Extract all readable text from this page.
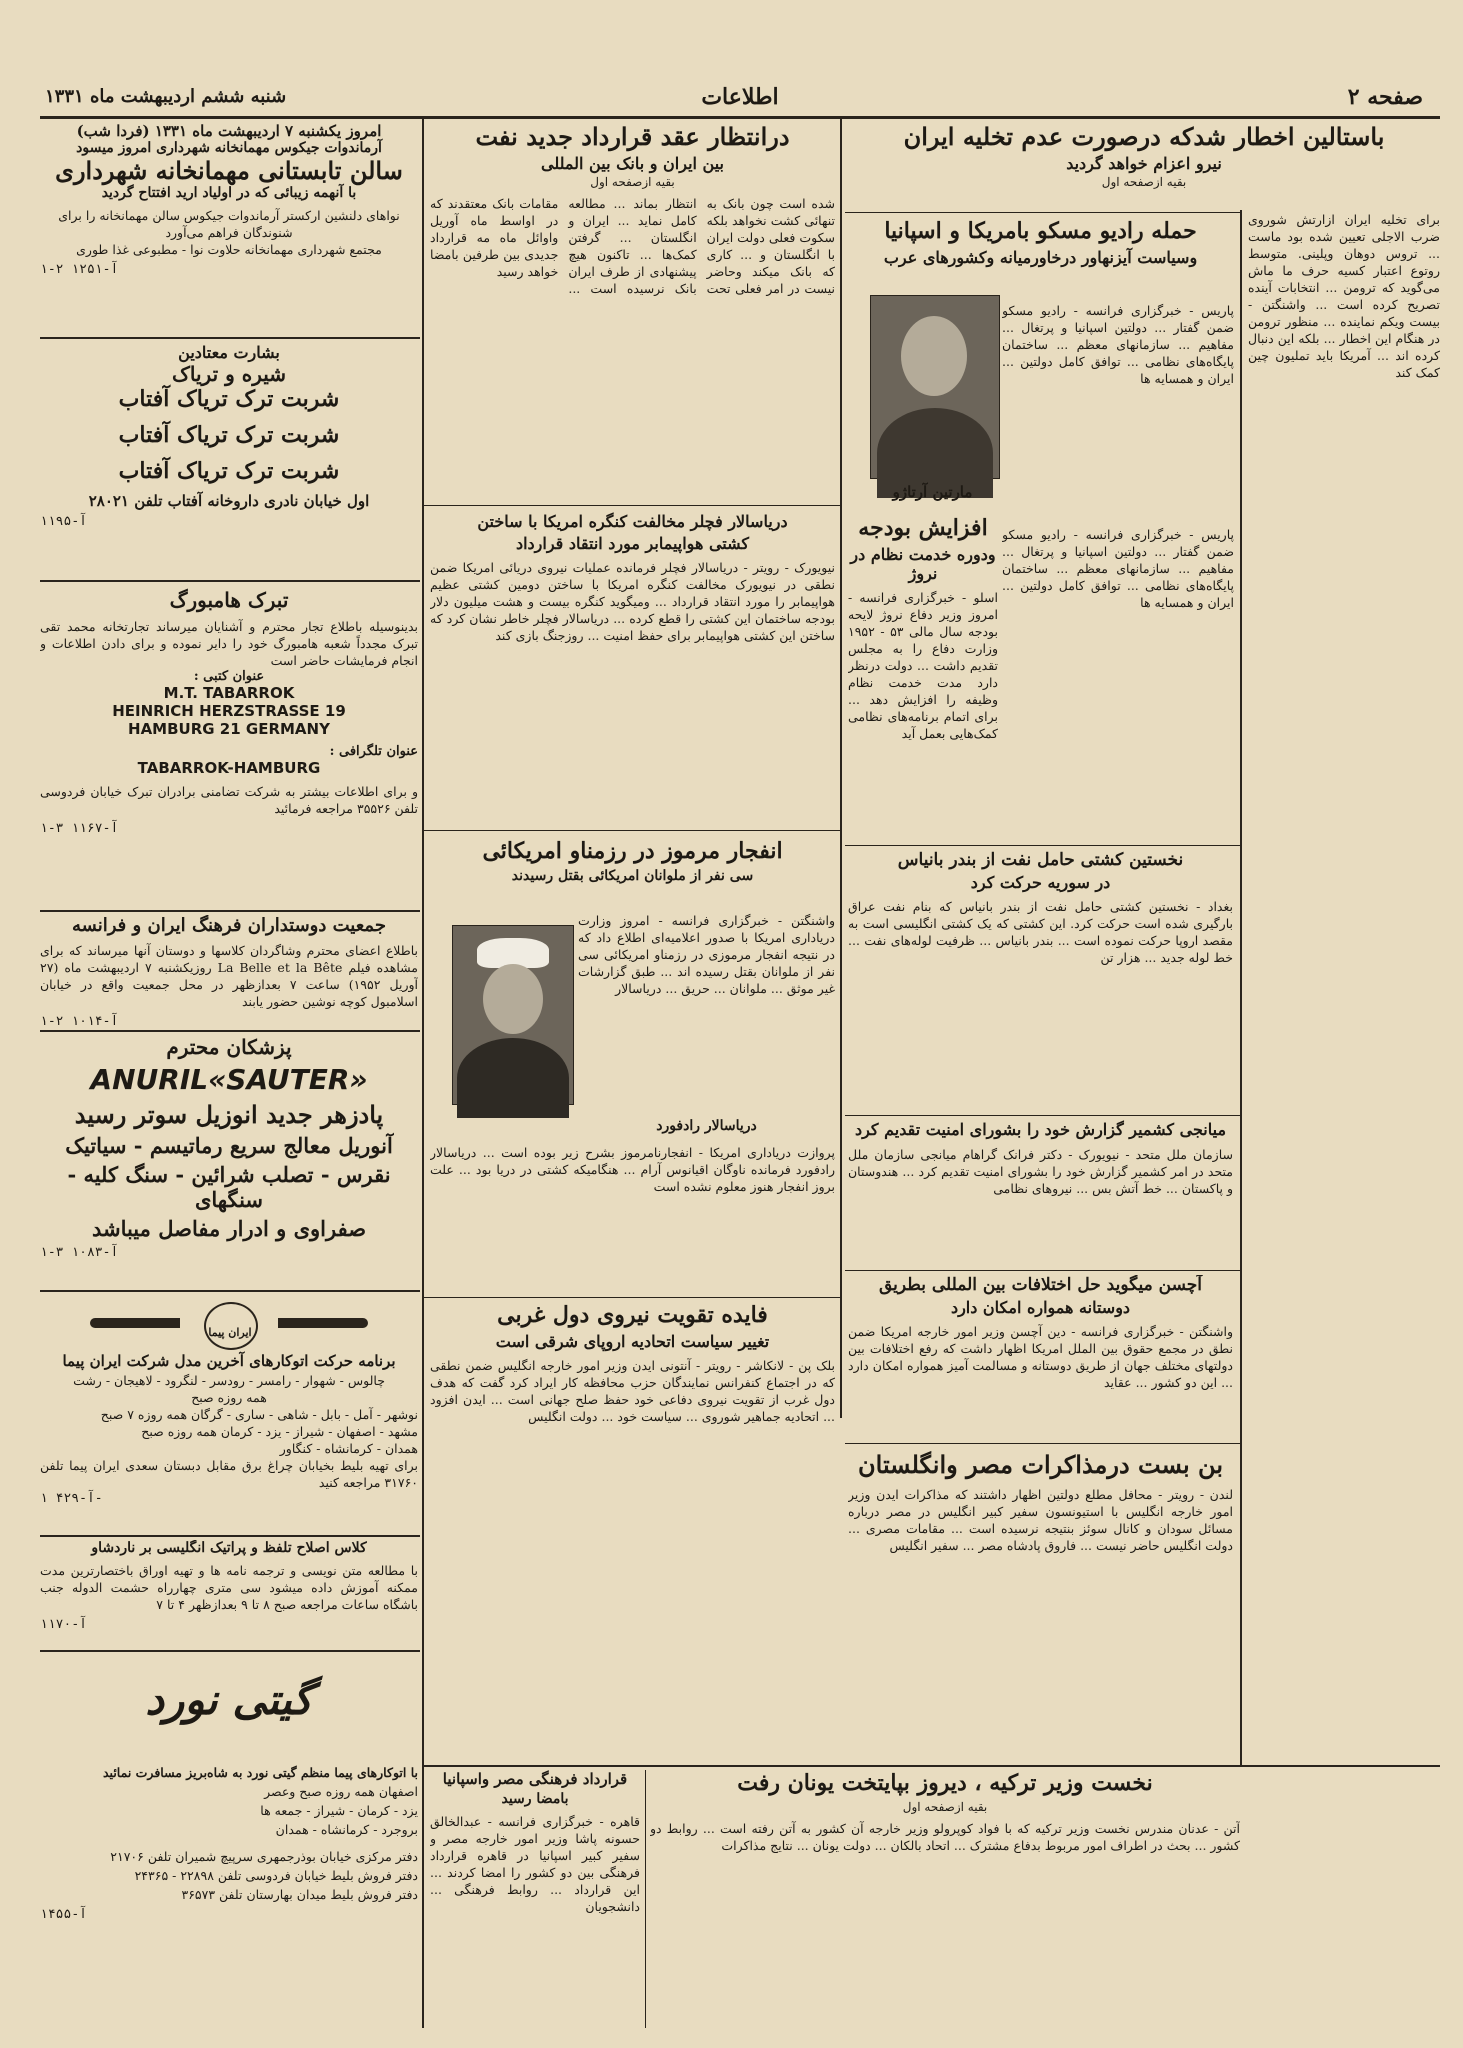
صفحه ۲
اطلاعات
شنبه ششم اردیبهشت ماه ۱۳۳۱
باستالین اخطار شدکه درصورت عدم تخلیه ایران
نیرو اعزام خواهد گردید
بقیه ازصفحه اول
برای تخلیه ایران ازارتش شوروی ضرب الاجلی تعیین شده بود ماست ... تروس دوهان وپلینی. متوسط روتوع اعتبار کسیه حرف ما ماش می‌گوید که ترومن ... انتخابات آینده تصریح کرده است ... واشنگتن - بیست ویکم نماینده ... منظور ترومن در هنگام این اخطار ... بلکه این دنبال کرده اند ... آمریکا باید تملیون چین کمک کند
حمله رادیو مسکو بامریکا و اسپانیا
وسیاست آیزنهاور درخاورمیانه وکشورهای عرب
پاریس - خبرگزاری فرانسه - رادیو مسکو ضمن گفتار ... دولتین اسپانیا و پرتغال ... مفاهیم ... سازمانهای معظم ... ساختمان پایگاه‌های نظامی ... توافق کامل دولتین ... ایران و همسایه ها
مارتین آرتاژو
پاریس - خبرگزاری فرانسه - رادیو مسکو ضمن گفتار ... دولتین اسپانیا و پرتغال ... مفاهیم ... سازمانهای معظم ... ساختمان پایگاه‌های نظامی ... توافق کامل دولتین ... ایران و همسایه ها
افزایش بودجه
ودوره خدمت نظام در نروژ
اسلو - خبرگزاری فرانسه - امروز وزیر دفاع نروژ لایحه بودجه سال مالی ۵۳ - ۱۹۵۲ وزارت دفاع را به مجلس تقدیم داشت ... دولت درنظر دارد مدت خدمت نظام وظیفه را افزایش دهد ... برای اتمام برنامه‌های نظامی کمک‌هایی بعمل آید
نخستین کشتی حامل نفت از بندر بانیاس
در سوریه حرکت کرد
بغداد - نخستین کشتی حامل نفت از بندر بانیاس که بنام نفت عراق بارگیری شده است حرکت کرد. این کشتی که یک کشتی انگلیسی است به مقصد اروپا حرکت نموده است ... بندر بانیاس ... ظرفیت لوله‌های نفت ... خط لوله جدید ... هزار تن
میانجی کشمیر گزارش خود را بشورای امنیت تقدیم کرد
سازمان ملل متحد - نیویورک - دکتر فرانک گراهام میانجی سازمان ملل متحد در امر کشمیر گزارش خود را بشورای امنیت تقدیم کرد ... هندوستان و پاکستان ... خط آتش بس ... نیروهای نظامی
آچسن میگوید حل اختلافات بین المللی بطریق
دوستانه همواره امکان دارد
واشنگتن - خبرگزاری فرانسه - دین آچسن وزیر امور خارجه امریکا ضمن نطق در مجمع حقوق بین الملل امریکا اظهار داشت که رفع اختلافات بین دولتهای مختلف جهان از طریق دوستانه و مسالمت آمیز همواره امکان دارد ... این دو کشور ... عقاید
بن بست درمذاکرات مصر وانگلستان
لندن - رویتر - محافل مطلع دولتین اظهار داشتند که مذاکرات ایدن وزیر امور خارجه انگلیس با استیونسون سفیر کبیر انگلیس در مصر درباره مسائل سودان و کانال سوئز بنتیجه نرسیده است ... مقامات مصری ... دولت انگلیس حاضر نیست ... فاروق پادشاه مصر ... سفیر انگلیس
درانتظار عقد قرارداد جدید نفت
بین ایران و بانک بین المللی
بقیه ازصفحه اول
شده است چون بانک به تنهائی کشت نخواهد بلکه سکوت فعلی دولت ایران با انگلستان و ... کاری که بانک میکند وحاضر نیست در امر فعلی تحت انتظار بماند ... مطالعه کامل نماید ... ایران و انگلستان ... گرفتن کمک‌ها ... تاکنون هیچ پیشنهادی از طرف ایران بانک نرسیده است ... مقامات بانک معتقدند که در اواسط ماه آوریل واوائل ماه مه قرارداد جدیدی بین طرفین بامضا خواهد رسید
دریاسالار فچلر مخالفت کنگره امریکا با ساختن
کشتی هواپیمابر مورد انتقاد قرارداد
نیویورک - رویتر - دریاسالار فچلر فرمانده عملیات نیروی دریائی امریکا ضمن نطقی در نیویورک مخالفت کنگره امریکا با ساختن دومین کشتی عظیم هواپیمابر را مورد انتقاد قرارداد ... ومیگوید کنگره بیست و هشت میلیون دلار بودجه ساختمان این کشتی را قطع کرده ... دریاسالار فچلر خاطر نشان کرد که ساختن این کشتی هواپیمابر برای حفظ امنیت ... روزجنگ بازی کند
انفجار مرموز در رزمناو امریکائی
سی نفر از ملوانان امریکائی بقتل رسیدند
واشنگتن - خبرگزاری فرانسه - امروز وزارت دریاداری امریکا با صدور اعلامیه‌ای اطلاع داد که در نتیجه انفجار مرموزی در رزمناو امریکائی سی نفر از ملوانان بقتل رسیده اند ... طبق گزارشات غیر موثق ... ملوانان ... حریق ... دریاسالار
دریاسالار رادفورد
پروازت دریاداری امریکا - انفجارنامرموز بشرح زیر بوده است ... دریاسالار رادفورد فرمانده ناوگان اقیانوس آرام ... هنگامیکه کشتی در دریا بود ... علت بروز انفجار هنوز معلوم نشده است
فایده تقویت نیروی دول غربی
تغییر سیاست اتحادیه اروپای شرقی است
بلک پن - لانکاشر - رویتر - آنتونی ایدن وزیر امور خارجه انگلیس ضمن نطقی که در اجتماع کنفرانس نمایندگان حزب محافظه کار ایراد کرد گفت که هدف دول غرب از تقویت نیروی دفاعی خود حفظ صلح جهانی است ... ایدن افزود ... اتحادیه جماهیر شوروی ... سیاست خود ... دولت انگلیس
نخست وزیر ترکیه ، دیروز بپایتخت یونان رفت
بقیه ازصفحه اول
آتن - عدنان مندرس نخست وزیر ترکیه که با فواد کوپرولو وزیر خارجه آن کشور به آتن رفته است ... روابط دو کشور ... بحث در اطراف امور مربوط بدفاع مشترک ... اتحاد بالکان ... دولت یونان ... نتایج مذاکرات
قرارداد فرهنگی مصر واسپانیا
بامضا رسید
قاهره - خبرگزاری فرانسه - عبدالخالق حسونه پاشا وزیر امور خارجه مصر و سفیر کبیر اسپانیا در قاهره قرارداد فرهنگی بین دو کشور را امضا کردند ... این قرارداد ... روابط فرهنگی ... دانشجویان
امروز یکشنبه ۷ اردیبهشت ماه ۱۳۳۱ (فردا شب)
آرماندوات جیکوس مهمانخانه شهرداری امروز میسود
سالن تابستانی مهمانخانه شهرداری
با آنهمه زیبائی که در اولیاد ارید افتتاح گردید
نواهای دلنشین ارکستر آرماندوات جیکوس سالن مهمانخانه را برای شنوندگان فراهم می‌آورد
مجتمع شهرداری مهمانخانه حلاوت نوا - مطبوعی غذا طوری
آ-۱۲۵۱ ۲-۱
بشارت معتادین
شیره و تریاک
شربت ترک تریاک آفتاب
شربت ترک تریاک آفتاب
شربت ترک تریاک آفتاب
اول خیابان نادری داروخانه آفتاب تلفن ۲۸۰۲۱
آ-۱۱۹۵
تبرک هامبورگ
بدینوسیله باطلاع تجار محترم و آشنایان میرساند تجارتخانه محمد تقی تبرک مجدداً شعبه هامبورگ خود را دایر نموده و برای دادن اطلاعات و انجام فرمایشات حاضر است
عنوان کتبی :
M.T. TABARROK
HEINRICH HERZSTRASSE 19
HAMBURG 21 GERMANY
عنوان تلگرافی :
TABARROK-HAMBURG
و برای اطلاعات بیشتر به شرکت تضامنی برادران تبرک خیابان فردوسی تلفن ۳۵۵۲۶ مراجعه فرمائید
آ-۱۱۶۷ ۳-۱
جمعیت دوستداران فرهنگ ایران و فرانسه
باطلاع اعضای محترم وشاگردان کلاسها و دوستان آنها میرساند که برای مشاهده فیلم La Belle et la Bête روزیکشنبه ۷ اردیبهشت ماه (۲۷ آوریل ۱۹۵۲) ساعت ۷ بعدازظهر در محل جمعیت واقع در خیابان اسلامبول کوچه نوشین حضور یابند
آ-۱۰۱۴ ۲-۱
پزشکان محترم
ANURIL«SAUTER»
پادزهر جدید انوزیل سوتر رسید
آنوریل معالج سریع رماتیسم - سیاتیک
نقرس - تصلب شرائین - سنگ کلیه - سنگهای
صفراوی و ادرار مفاصل میباشد
آ-۱۰۸۳ ۳-۱
ایران پیما
برنامه حرکت اتوکارهای آخرین مدل شرکت ایران پیما
چالوس - شهوار - رامسر - رودسر - لنگرود - لاهیجان - رشت
همه روزه صبح
نوشهر - آمل - بابل - شاهی - ساری - گرگان همه روزه ۷ صبح
مشهد - اصفهان - شیراز - یزد - کرمان همه روزه صبح
همدان - کرمانشاه - کنگاور
برای تهیه بلیط بخیابان چراغ برق مقابل دبستان سعدی ایران پیما تلفن ۳۱۷۶۰ مراجعه کنید
آ-۴۲۹ ۱-
کلاس اصلاح تلفظ و پراتیک انگلیسی بر ناردشاو
با مطالعه متن نویسی و ترجمه نامه ها و تهیه اوراق باختصارترین مدت ممکنه آموزش داده میشود سی متری چهارراه حشمت الدوله جنب باشگاه ساعات مراجعه صبح ۸ تا ۹ بعدازظهر ۴ تا ۷
آ-۱۱۷۰
گیتی نورد
با اتوکارهای پیما منظم گیتی نورد به شاه‌بریز مسافرت نمائید
اصفهان همه روزه صبح وعصر
یزد - کرمان - شیراز - جمعه ها
بروجرد - کرمانشاه - همدان
دفتر مرکزی خیابان بوذرجمهری سرپیچ شمیران تلفن ۲۱۷۰۶
دفتر فروش بلیط خیابان فردوسی تلفن ۲۲۸۹۸ - ۲۴۳۶۵
دفتر فروش بلیط میدان بهارستان تلفن ۳۶۵۷۳
آ-۱۴۵۵
